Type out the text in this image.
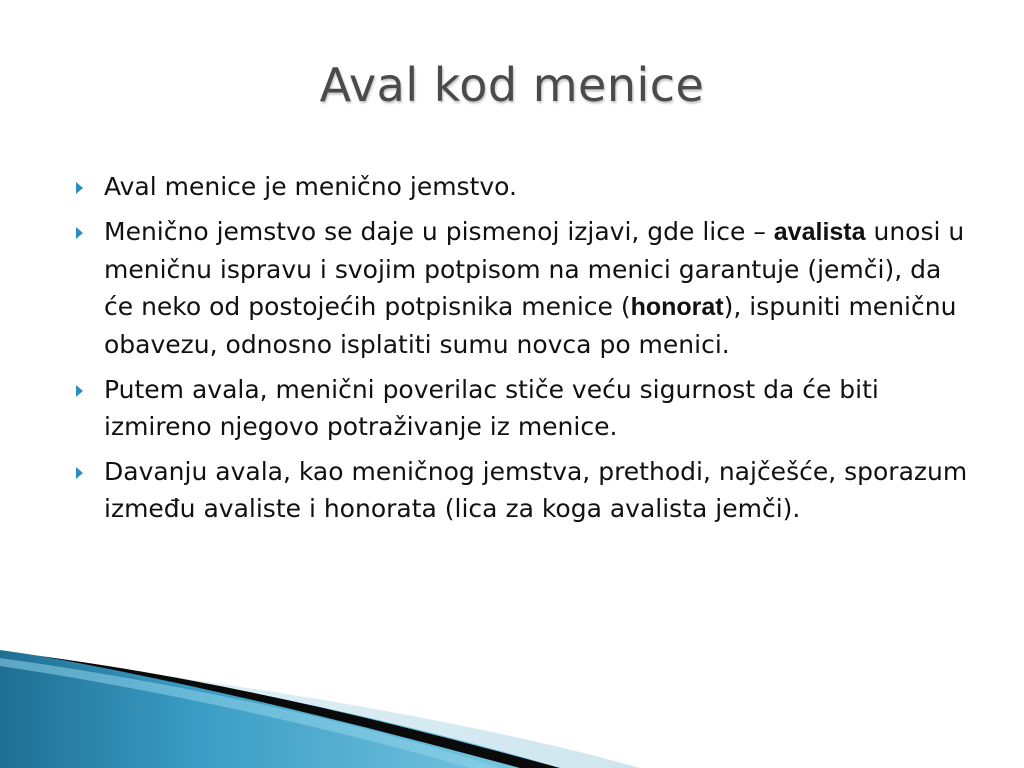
Aval kod menice
Aval menice je menično jemstvo.
Menično jemstvo se daje u pismenoj izjavi, gde lice – avalista unosi u meničnu ispravu i svojim potpisom na menici garantuje (jemči), da će neko od postojećih potpisnika menice (honorat), ispuniti meničnu obavezu, odnosno isplatiti sumu novca po menici.
Putem avala, menični poverilac stiče veću sigurnost da će biti izmireno njegovo potraživanje iz menice.
Davanju avala, kao meničnog jemstva, prethodi, najčešće, sporazum između avaliste i honorata (lica za koga avalista jemči).
